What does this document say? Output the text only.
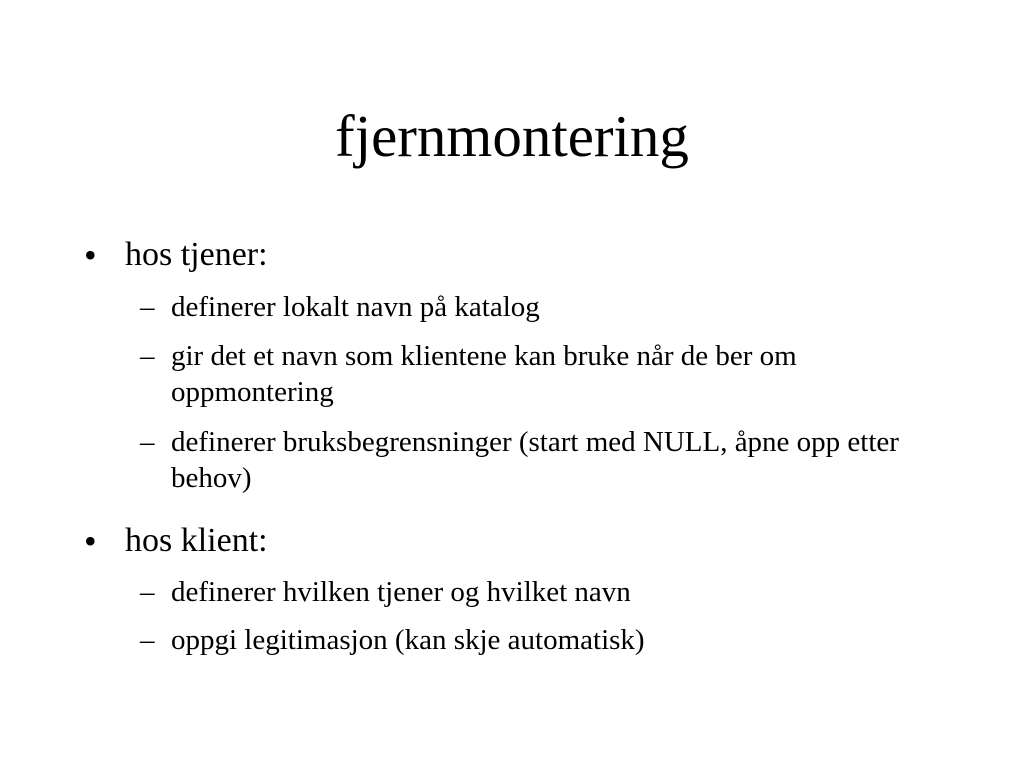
fjernmontering
• hos tjener:
– definerer lokalt navn på katalog
– gir det et navn som klientene kan bruke når de ber om oppmontering
– definerer bruksbegrensninger (start med NULL, åpne opp etter behov)
• hos klient:
– definerer hvilken tjener og hvilket navn
– oppgi legitimasjon (kan skje automatisk)
